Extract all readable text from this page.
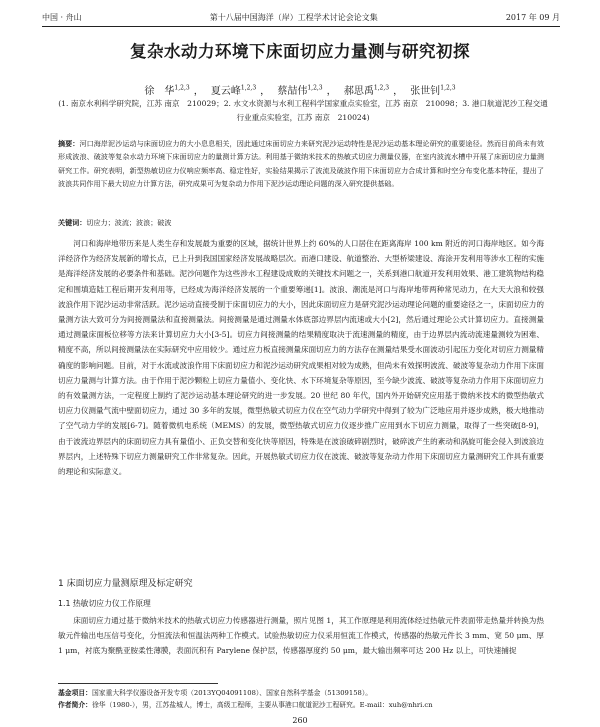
中国 · 舟山	第十八届中国海洋（岸）工程学术讨论会论文集	2017 年 09 月
复杂水动力环境下床面切应力量测与研究初探
徐　华$^{1,2,3}$ ， 夏云峰$^{1,2,3}$ ， 蔡喆伟$^{1,2,3}$ ， 郝思禹$^{1,2,3}$ ， 张世钊$^{1,2,3}$
(1. 南京水利科学研究院，江苏 南京　210029；2. 水文水资源与水利工程科学国家重点实验室，江苏 南京　210098；3. 港口航道泥沙工程交通行业重点实验室，江苏 南京　210024)
摘要：河口海岸泥沙运动与床面切应力的大小息息相关，因此通过床面切应力来研究泥沙运动特性是泥沙运动基本理论研究的重要途径。然而目前尚未有效形成波浪、破波等复杂水动力环境下床面切应力的量测计算方法。利用基于微纳米技术的热敏式切应力测量仪器，在室内波流水槽中开展了床面切应力量测研究工作。研究表明，新型热敏切应力仪响应频率高、稳定性好，实验结果揭示了波流及破波作用下床面切应力合成计算和时空分布变化基本特征，提出了波浪共同作用下最大切应力计算方法，研究成果可为复杂动力作用下泥沙运动理论问题的深入研究提供基础。
关键词：切应力；波流；波浪；破波

河口和海岸地带历来是人类生存和发展最为重要的区域，据统计世界上约 60%的人口居住在距离海岸 100 km 附近的河口海岸地区。如今海洋经济作为经济发展新的增长点，已上升到我国国家经济发展战略层次。而港口建设、航道整治、大型桥梁建设、海涂开发利用等涉水工程的实施是海洋经济发展的必要条件和基础。泥沙问题作为这些涉水工程建设成败的关键技术问题之一，关系到港口航道开发利用效果、港工建筑物结构稳定和围填造陆工程后期开发利用等，已经成为海洋经济发展的一个重要筹递[1]。波浪、潮流是河口与海岸地带两种常见动力，在大天大浪和较强波浪作用下泥沙运动非常活跃。泥沙运动直接受制于床面切应力的大小，因此床面切应力是研究泥沙运动理论问题的重要途径之一，床面切应力的量测方法大致可分为间接测量法和直接测量法。间接测量是通过测量水体底部边界层内流速或大小[2]，然后通过理论公式计算切应力。直接测量通过测量床面板位移等方法来计算切应力大小[3-5]。切应力间接测量的结果精度取决于流速测量的精度，由于边界层内流动流速量测较为困难、精度不高，所以间接测量法在实际研究中应用较少。通过应力板直接测量床面切应力的方法存在测量结果受水面波动引起压力变化对切应力测量精确度的影响问题。目前，对于水流或波浪作用下床面切应力和泥沙运动研究成果相对较为成熟，但尚未有效探明波流、破波等复杂动力作用下床面切应力量测与计算方法。由于作用于泥沙颗粒上切应力量值小、变化快、水下环境复杂等原因，至今缺少波流、破波等复杂动力作用下床面切应力的有效量测方法，一定程度上制约了泥沙运动基本理论研究的进一步发展。20 世纪 80 年代，国内外开始研究应用基于微纳米技术的微型热敏式切应力仪测量气流中壁面切应力，通过 30 多年的发展，微型热敏式切应力仪在空气动力学研究中得到了较为广泛地应用并逐步成熟，极大地推动了空气动力学的发展[6-7]。随着微机电系统（MEMS）的发展，微型热敏式切应力仪逐步推广应用到水下切应力测量，取得了一些突破[8-9]，由于波流边界层内的床面切应力具有量值小、正负交替和变化快等原因，特殊是在波浪破碎剧烈时，破碎波产生的紊动和涡旋可能会侵入到波浪边界层内，上述特殊下切应力测量研究工作非常复杂。因此，开展热敏式切应力仪在波流、破波等复杂动力作用下床面切应力量测研究工作具有重要的理论和实际意义。

1 床面切应力量测原理及标定研究
1.1 热敏切应力仪工作原理

床面切应力通过基于微纳米技术的热敏式切应力传感器进行测量，照片见图 1，其工作原理是利用流体经过热敏元件表面带走热量并转换为热敏元件输出电压信号变化，分恒流法和恒温法两种工作模式。试验热敏切应力仪采用恒流工作模式，传感器的热敏元件长 3 mm、宽 50 μm、厚 1 μm，衬底为聚酰亚胺柔性薄膜，表面沉积有 Parylene 保护层，传感器厚度约 50 μm，最大输出频率可达 200 Hz 以上，可快速捕捉

基金项目：国家重大科学仪器设备开发专项（2013YQ04091108）、国家自然科学基金（51309158）。
作者简介：徐华（1980-），男，江苏盐城人，博士，高级工程师，主要从事港口航道泥沙工程研究。E-mail：xuh@nhri.cn
260
